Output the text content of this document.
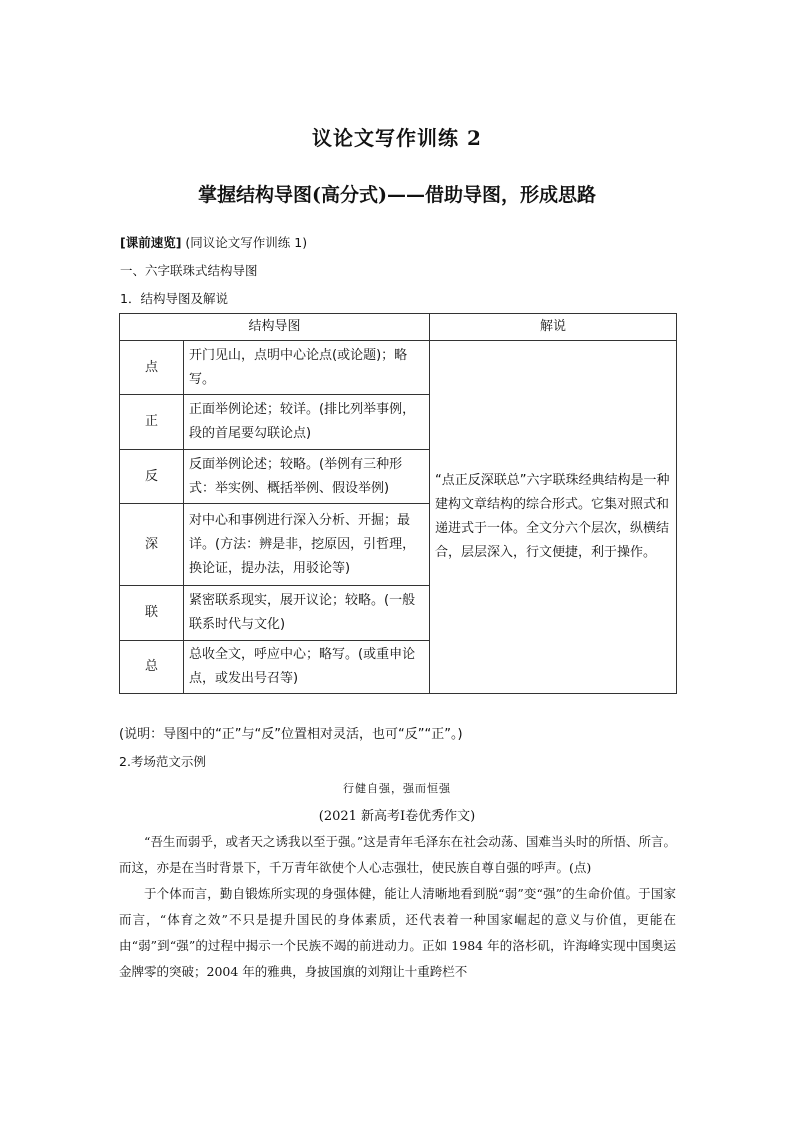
议论文写作训练 2
掌握结构导图(高分式)——借助导图，形成思路
[课前速览] (同议论文写作训练 1)
一、六字联珠式结构导图
1．结构导图及解说
结构导图		解说
点	开门见山，点明中心论点(或论题)；略写。	“点正反深联总”六字联珠经典结构是一种建构文章结构的综合形式。它集对照式和递进式于一体。全文分六个层次，纵横结合，层层深入，行文便捷，利于操作。
正	正面举例论述；较详。(排比列举事例，段的首尾要勾联论点)	
反	反面举例论述；较略。(举例有三种形式：举实例、概括举例、假设举例)	
深	对中心和事例进行深入分析、开掘；最详。(方法：辨是非，挖原因，引哲理，换论证，提办法，用驳论等)	
联	紧密联系现实，展开议论；较略。(一般联系时代与文化)	
总	总收全文，呼应中心；略写。(或重申论点，或发出号召等)	
(说明：导图中的“正”与“反”位置相对灵活，也可“反”“正”。)
2.考场范文示例
行健自强，强而恒强
(2021 新高考Ⅰ卷优秀作文)

“吾生而弱乎，或者天之诱我以至于强。”这是青年毛泽东在社会动荡、国难当头时的所悟、所言。而这，亦是在当时背景下，千万青年欲使个人心志强壮，使民族自尊自强的呼声。(点)

于个体而言，勤自锻炼所实现的身强体健，能让人清晰地看到脱“弱”变“强”的生命价值。于国家而言，“体育之效”不只是提升国民的身体素质，还代表着一种国家崛起的意义与价值，更能在由“弱”到“强”的过程中揭示一个民族不竭的前进动力。正如 1984 年的洛杉矶，许海峰实现中国奥运金牌零的突破；2004 年的雅典，身披国旗的刘翔让十重跨栏不
